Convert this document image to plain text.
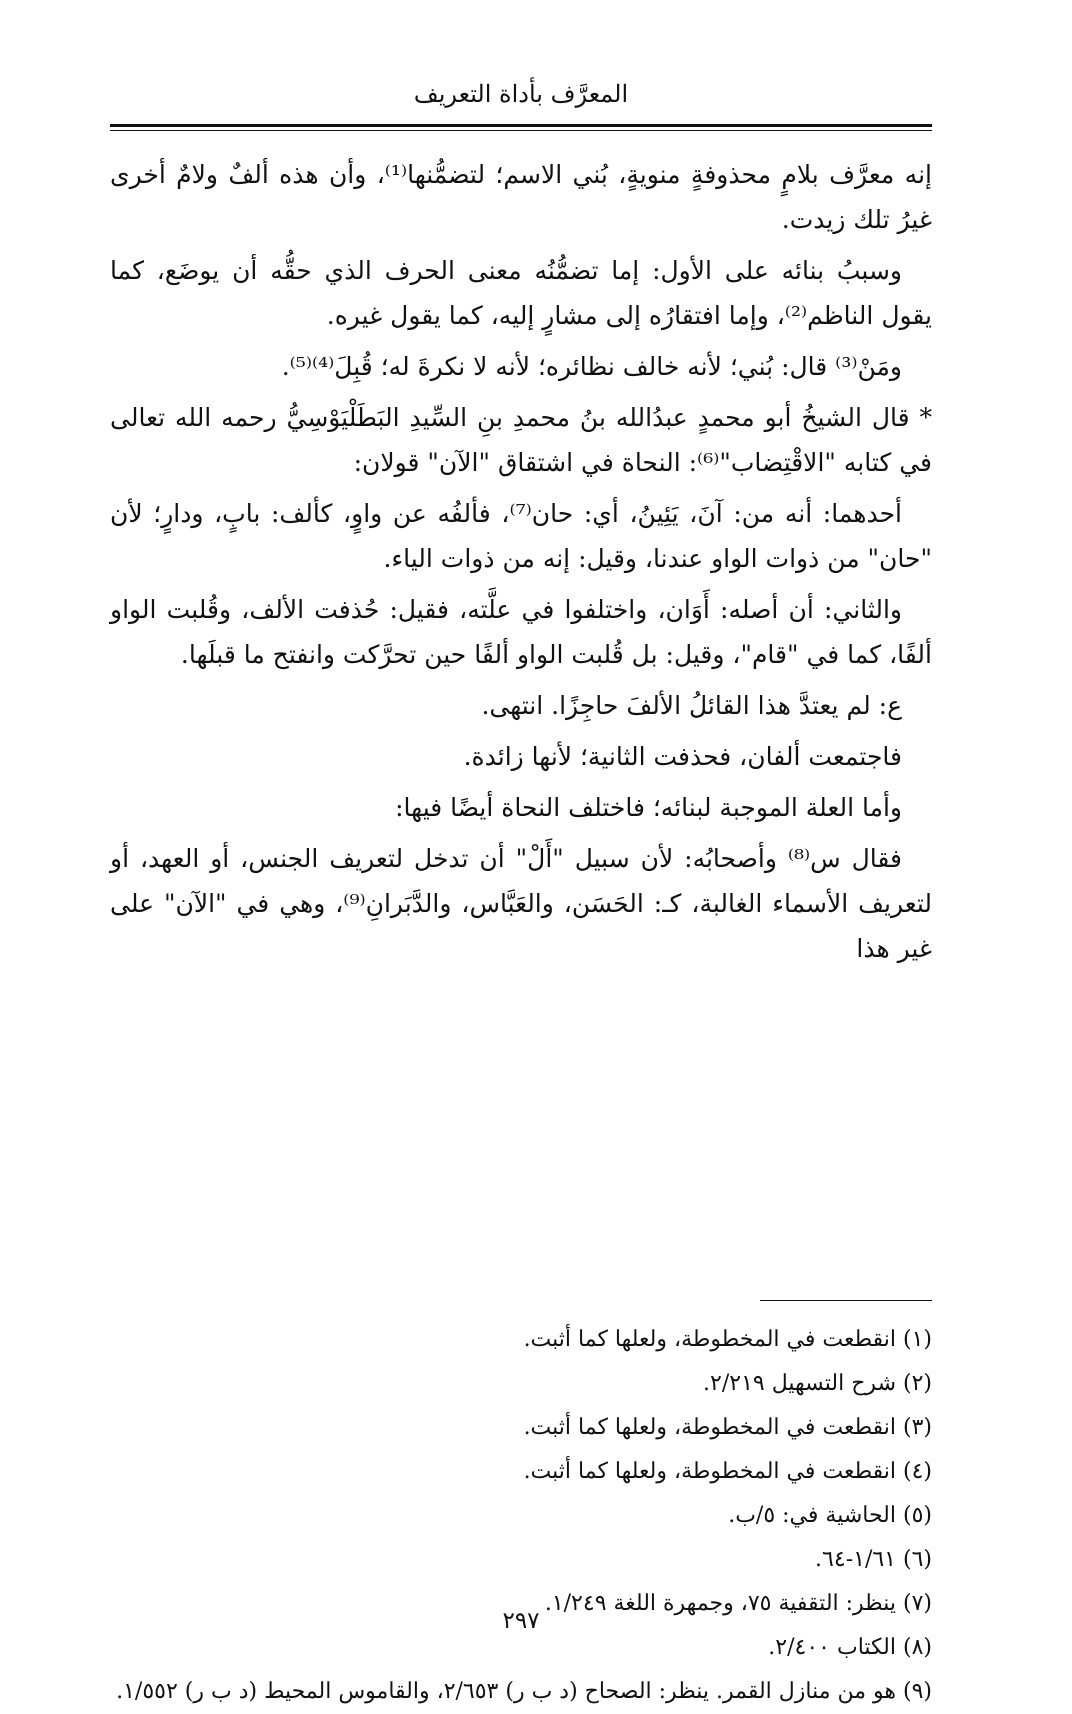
المعرَّف بأداة التعريف

إنه معرَّف بلامٍ محذوفةٍ منويةٍ، بُني الاسم؛ لتضمُّنها⁽¹⁾، وأن هذه ألفٌ ولامٌ أخرى غيرُ تلك زيدت.

وسببُ بنائه على الأول: إما تضمُّنُه معنى الحرف الذي حقُّه أن يوضَع، كما يقول الناظم⁽²⁾، وإما افتقارُه إلى مشارٍ إليه، كما يقول غيره.

ومَنْ⁽³⁾ قال: بُني؛ لأنه خالف نظائره؛ لأنه لا نكرةَ له؛ قُبِلَ⁽⁴⁾⁽⁵⁾.

* قال الشيخُ أبو محمدٍ عبدُالله بنُ محمدِ بنِ السِّيدِ البَطَلْيَوْسِيُّ رحمه الله تعالى في كتابه "الاقْتِضاب"⁽⁶⁾: النحاة في اشتقاق "الآن" قولان:

أحدهما: أنه من: آنَ، يَئِينُ، أي: حان⁽⁷⁾، فألفُه عن واوٍ، كألف: بابٍ، ودارٍ؛ لأن "حان" من ذوات الواو عندنا، وقيل: إنه من ذوات الياء.

والثاني: أن أصله: أَوَان، واختلفوا في علَّته، فقيل: حُذفت الألف، وقُلبت الواو ألفًا، كما في "قام"، وقيل: بل قُلبت الواو ألفًا حين تحرَّكت وانفتح ما قبلَها.

ع: لم يعتدَّ هذا القائلُ الألفَ حاجِزًا. انتهى.

فاجتمعت ألفان، فحذفت الثانية؛ لأنها زائدة.

وأما العلة الموجبة لبنائه؛ فاختلف النحاة أيضًا فيها:

فقال س⁽⁸⁾ وأصحابُه: لأن سبيل "أَلْ" أن تدخل لتعريف الجنس، أو العهد، أو لتعريف الأسماء الغالبة، كـ: الحَسَن، والعَبَّاس، والدَّبَرانِ⁽⁹⁾، وهي في "الآن" على غير هذا

(١) انقطعت في المخطوطة، ولعلها كما أثبت.

(٢) شرح التسهيل ٢/٢١٩.

(٣) انقطعت في المخطوطة، ولعلها كما أثبت.

(٤) انقطعت في المخطوطة، ولعلها كما أثبت.

(٥) الحاشية في: ٥/ب.

(٦) ١/٦١-٦٤.

(٧) ينظر: التقفية ٧٥، وجمهرة اللغة ١/٢٤٩.

(٨) الكتاب ٢/٤٠٠.

(٩) هو من منازل القمر. ينظر: الصحاح (د ب ر) ٢/٦٥٣، والقاموس المحيط (د ب ر) ١/٥٥٢.

٢٩٧
